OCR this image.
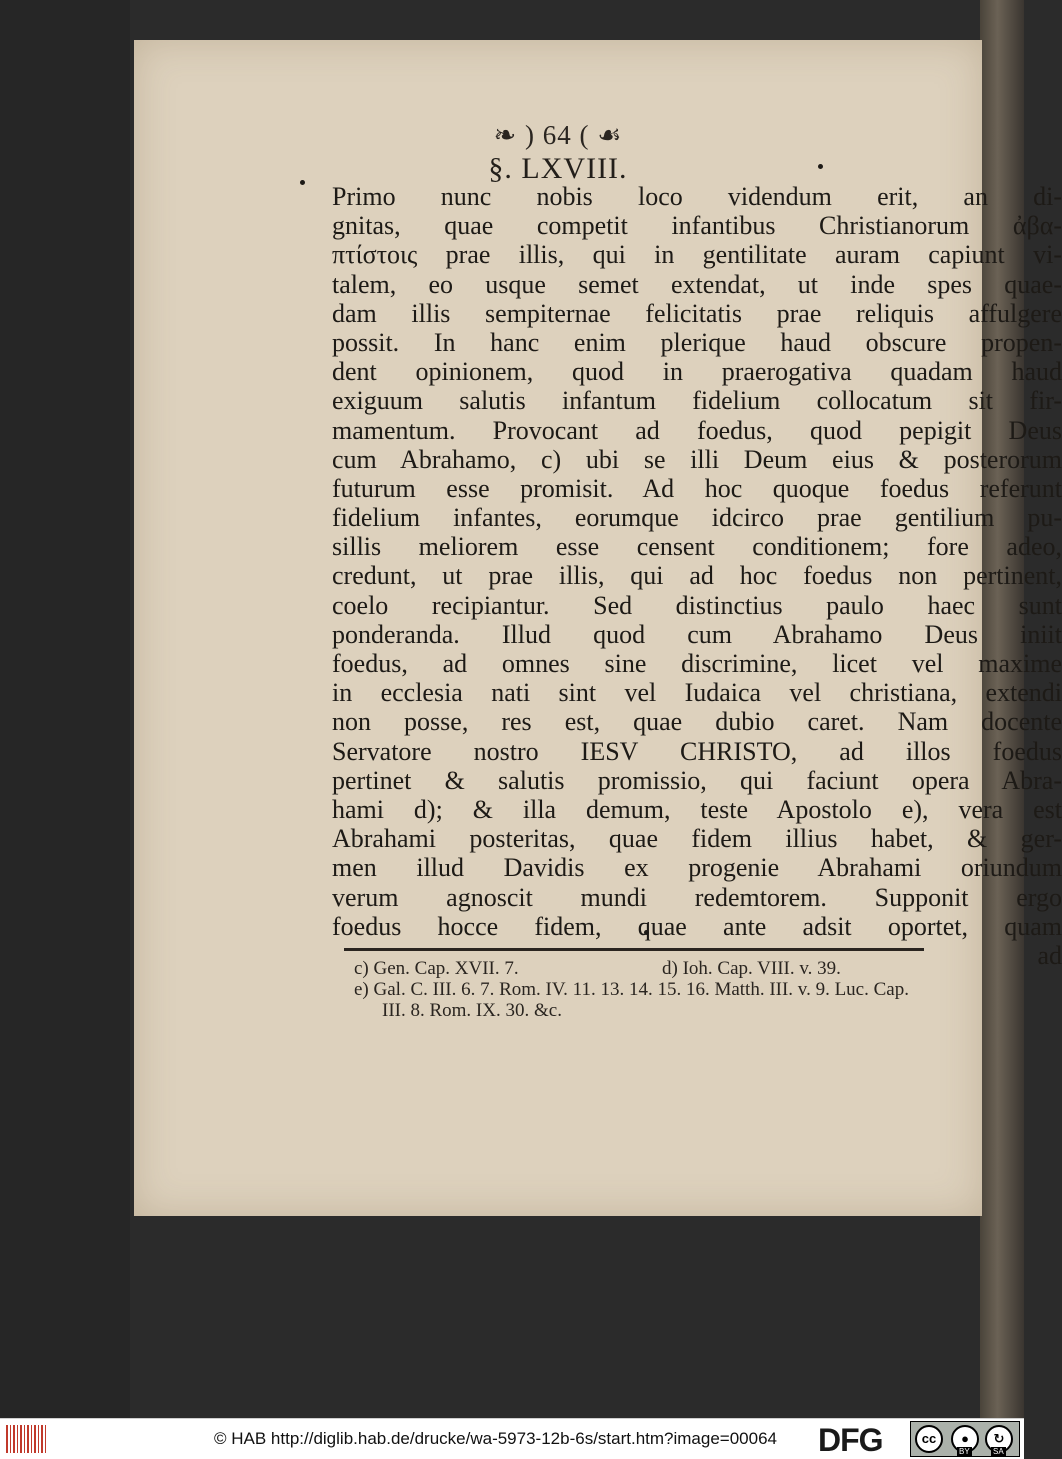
❧ ) 64 ( ☙
§. LXVIII.
Primo nunc nobis loco videndum erit, an di-
gnitas, quae competit infantibus Christianorum ἀβα-
πτίστοις prae illis, qui in gentilitate auram capiunt vi-
talem, eo usque semet extendat, ut inde spes quae-
dam illis sempiternae felicitatis prae reliquis affulgere
possit. In hanc enim plerique haud obscure propen-
dent opinionem, quod in praerogativa quadam haud
exiguum salutis infantum fidelium collocatum sit fir-
mamentum. Provocant ad foedus, quod pepigit Deus
cum Abrahamo, c) ubi se illi Deum eius & posterorum
futurum esse promisit. Ad hoc quoque foedus referunt
fidelium infantes, eorumque idcirco prae gentilium pu-
sillis meliorem esse censent conditionem; fore adeo,
credunt, ut prae illis, qui ad hoc foedus non pertinent,
coelo recipiantur. Sed distinctius paulo haec sunt
ponderanda. Illud quod cum Abrahamo Deus iniit
foedus, ad omnes sine discrimine, licet vel maxime
in ecclesia nati sint vel Iudaica vel christiana, extendi
non posse, res est, quae dubio caret. Nam docente
Servatore nostro IESV CHRISTO, ad illos foedus
pertinet & salutis promissio, qui faciunt opera Abra-
hami d); & illa demum, teste Apostolo e), vera est
Abrahami posteritas, quae fidem illius habet, & ger-
men illud Davidis ex progenie Abrahami oriundum
verum agnoscit mundi redemtorem. Supponit ergo
foedus hocce fidem, quae ante adsit oportet, quam
ad
c) Gen. Cap. XVII. 7.	d) Ioh. Cap. VIII. v. 39.
e) Gal. C. III. 6. 7. Rom. IV. 11. 13. 14. 15. 16. Matth. III. v. 9. Luc. Cap.
III. 8. Rom. IX. 30. &c.
© HAB http://diglib.hab.de/drucke/wa-5973-12b-6s/start.htm?image=00064 DFG	cc	●	↻
BY	SA
